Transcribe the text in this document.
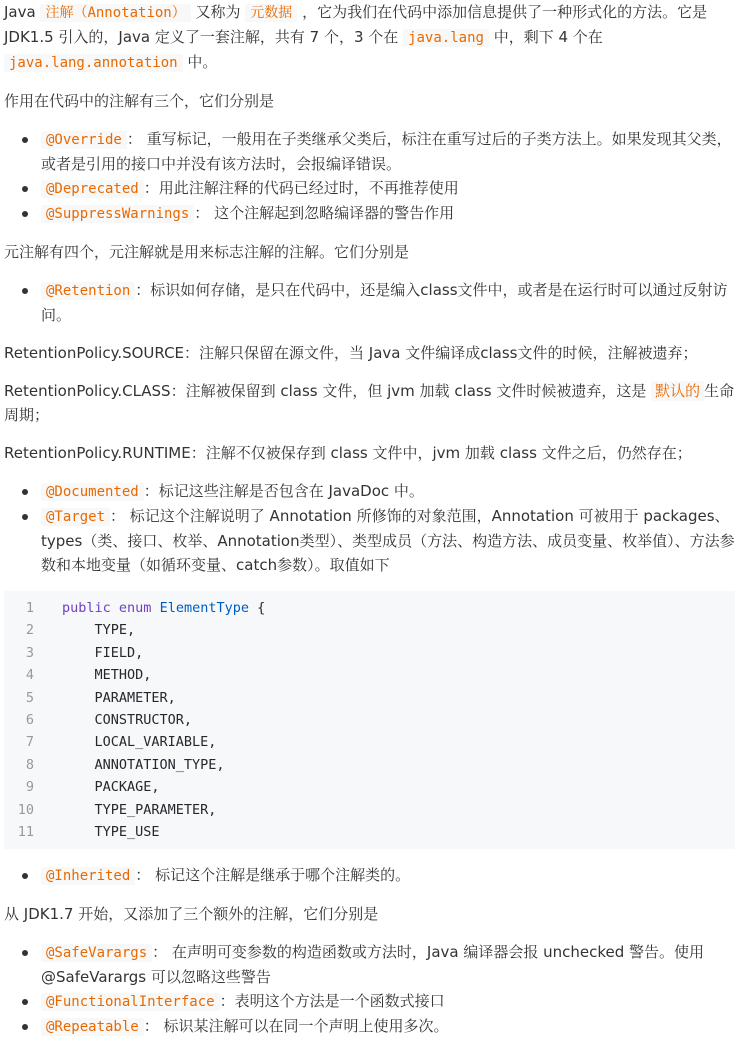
Java 注解（Annotation） 又称为 元数据 ，它为我们在代码中添加信息提供了一种形式化的方法。它是 JDK1.5 引入的，Java 定义了一套注解，共有 7 个，3 个在 java.lang 中，剩下 4 个在 java.lang.annotation 中。

作用在代码中的注解有三个，它们分别是

@Override ： 重写标记，一般用在子类继承父类后，标注在重写过后的子类方法上。如果发现其父类，或者是引用的接口中并没有该方法时，会报编译错误。
@Deprecated ：用此注解注释的代码已经过时，不再推荐使用
@SuppressWarnings ： 这个注解起到忽略编译器的警告作用

元注解有四个，元注解就是用来标志注解的注解。它们分别是

@Retention ：标识如何存储，是只在代码中，还是编入class文件中，或者是在运行时可以通过反射访问。

RetentionPolicy.SOURCE：注解只保留在源文件，当 Java 文件编译成class文件的时候，注解被遗弃；

RetentionPolicy.CLASS：注解被保留到 class 文件，但 jvm 加载 class 文件时候被遗弃，这是 默认的 生命周期；

RetentionPolicy.RUNTIME：注解不仅被保存到 class 文件中，jvm 加载 class 文件之后，仍然存在；

@Documented ：标记这些注解是否包含在 JavaDoc 中。
@Target ： 标记这个注解说明了 Annotation 所修饰的对象范围，Annotation 可被用于 packages、types（类、接口、枚举、Annotation类型）、类型成员（方法、构造方法、成员变量、枚举值）、方法参数和本地变量（如循环变量、catch参数）。取值如下
1	public enum ElementType {
2	TYPE,
3	FIELD,
4	METHOD,
5	PARAMETER,
6	CONSTRUCTOR,
7	LOCAL_VARIABLE,
8	ANNOTATION_TYPE,
9	PACKAGE,
10	TYPE_PARAMETER,
11	TYPE_USE
@Inherited ： 标记这个注解是继承于哪个注解类的。

从 JDK1.7 开始，又添加了三个额外的注解，它们分别是

@SafeVarargs ： 在声明可变参数的构造函数或方法时，Java 编译器会报 unchecked 警告。使用 @SafeVarargs 可以忽略这些警告
@FunctionalInterface ：表明这个方法是一个函数式接口
@Repeatable ： 标识某注解可以在同一个声明上使用多次。
